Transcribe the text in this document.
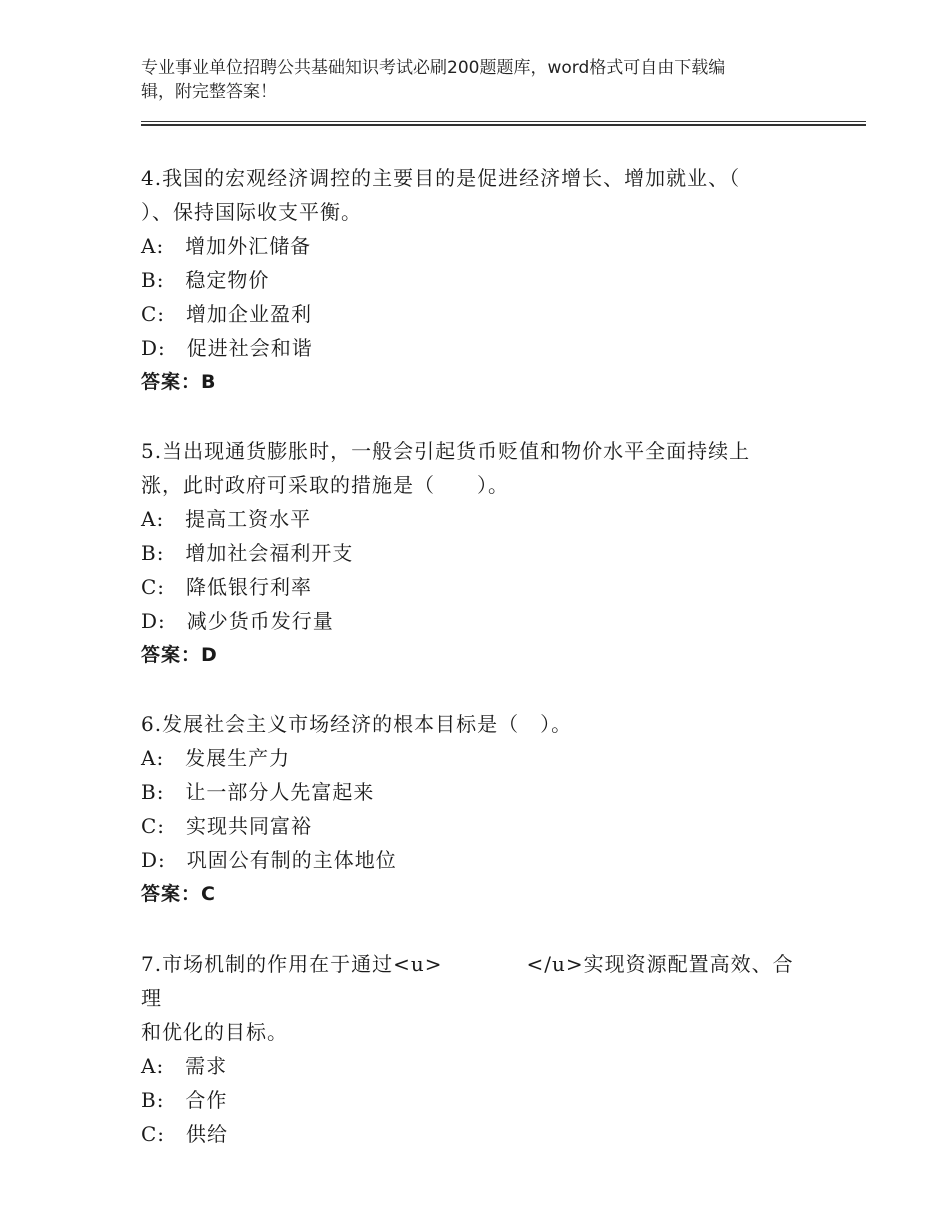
专业事业单位招聘公共基础知识考试必刷200题题库，word格式可自由下载编
辑，附完整答案！

4.我国的宏观经济调控的主要目的是促进经济增长、增加就业、（

）、保持国际收支平衡。

A:　增加外汇储备

B:　稳定物价

C:　增加企业盈利

D:　促进社会和谐

答案：B

5.当出现通货膨胀时，一般会引起货币贬值和物价水平全面持续上

涨，此时政府可采取的措施是（　　）。

A:　提高工资水平

B:　增加社会福利开支

C:　降低银行利率

D:　减少货币发行量

答案：D

6.发展社会主义市场经济的根本目标是（　）。

A:　发展生产力

B:　让一部分人先富起来

C:　实现共同富裕

D:　巩固公有制的主体地位

答案：C

7.市场机制的作用在于通过<u>　　　　</u>实现资源配置高效、合理

和优化的目标。

A:　需求

B:　合作

C:　供给
